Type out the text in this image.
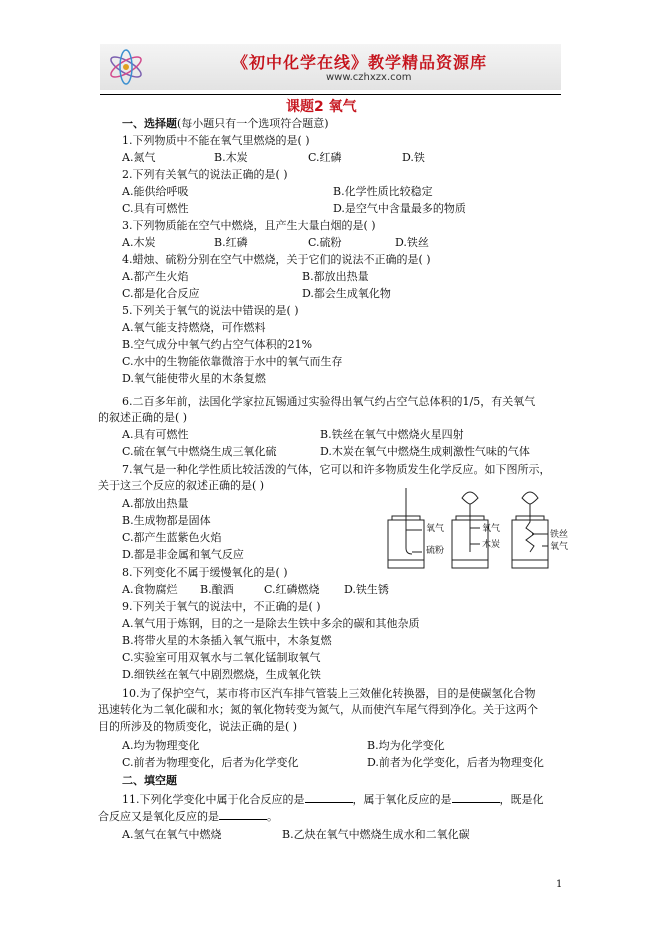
《初中化学在线》教学精品资源库
www.czhxzx.com
课题2 氧气
一、选择题(每小题只有一个选项符合题意)
1.下列物质中不能在氧气里燃烧的是( )
A.氮气	B.木炭	C.红磷	D.铁
2.下列有关氧气的说法正确的是( )
A.能供给呼吸	B.化学性质比较稳定
C.具有可燃性	D.是空气中含量最多的物质
3.下列物质能在空气中燃烧，且产生大量白烟的是( )
A.木炭	B.红磷	C.硫粉	D.铁丝
4.蜡烛、硫粉分别在空气中燃烧，关于它们的说法不正确的是( )
A.都产生火焰	B.都放出热量
C.都是化合反应	D.都会生成氧化物
5.下列关于氧气的说法中错误的是( )
A.氧气能支持燃烧，可作燃料
B.空气成分中氧气约占空气体积的21%
C.水中的生物能依靠微溶于水中的氧气而生存
D.氧气能使带火星的木条复燃
6.二百多年前，法国化学家拉瓦锡通过实验得出氧气约占空气总体积的1/5，有关氧气
的叙述正确的是( )
A.具有可燃性	B.铁丝在氧气中燃烧火星四射
C.硫在氧气中燃烧生成三氧化硫	D.木炭在氧气中燃烧生成刺激性气味的气体
7.氧气是一种化学性质比较活泼的气体，它可以和许多物质发生化学反应。如下图所示，
关于这三个反应的叙述正确的是( )
A.都放出热量
B.生成物都是固体
C.都产生蓝紫色火焰
D.都是非金属和氧气反应
氧气
硫粉
氧气
木炭
铁丝
氧气
8.下列变化不属于缓慢氧化的是( )
A.食物腐烂 B.酿酒	C.红磷燃烧 D.铁生锈
9.下列关于氧气的说法中，不正确的是( )
A.氧气用于炼钢，目的之一是除去生铁中多余的碳和其他杂质
B.将带火星的木条插入氧气瓶中，木条复燃
C.实验室可用双氧水与二氧化锰制取氧气
D.细铁丝在氧气中剧烈燃烧，生成氧化铁
10.为了保护空气，某市将市区汽车排气管装上三效催化转换器，目的是使碳氢化合物
迅速转化为二氧化碳和水；氮的氧化物转变为氮气，从而使汽车尾气得到净化。关于这两个
目的所涉及的物质变化，说法正确的是( )
A.均为物理变化	B.均为化学变化
C.前者为物理变化，后者为化学变化	D.前者为化学变化，后者为物理变化
二、填空题
11.下列化学变化中属于化合反应的是	，属于氧化反应的是	，既是化
合反应又是氧化反应的是	。
A.氢气在氧气中燃烧	B.乙炔在氧气中燃烧生成水和二氧化碳
1
